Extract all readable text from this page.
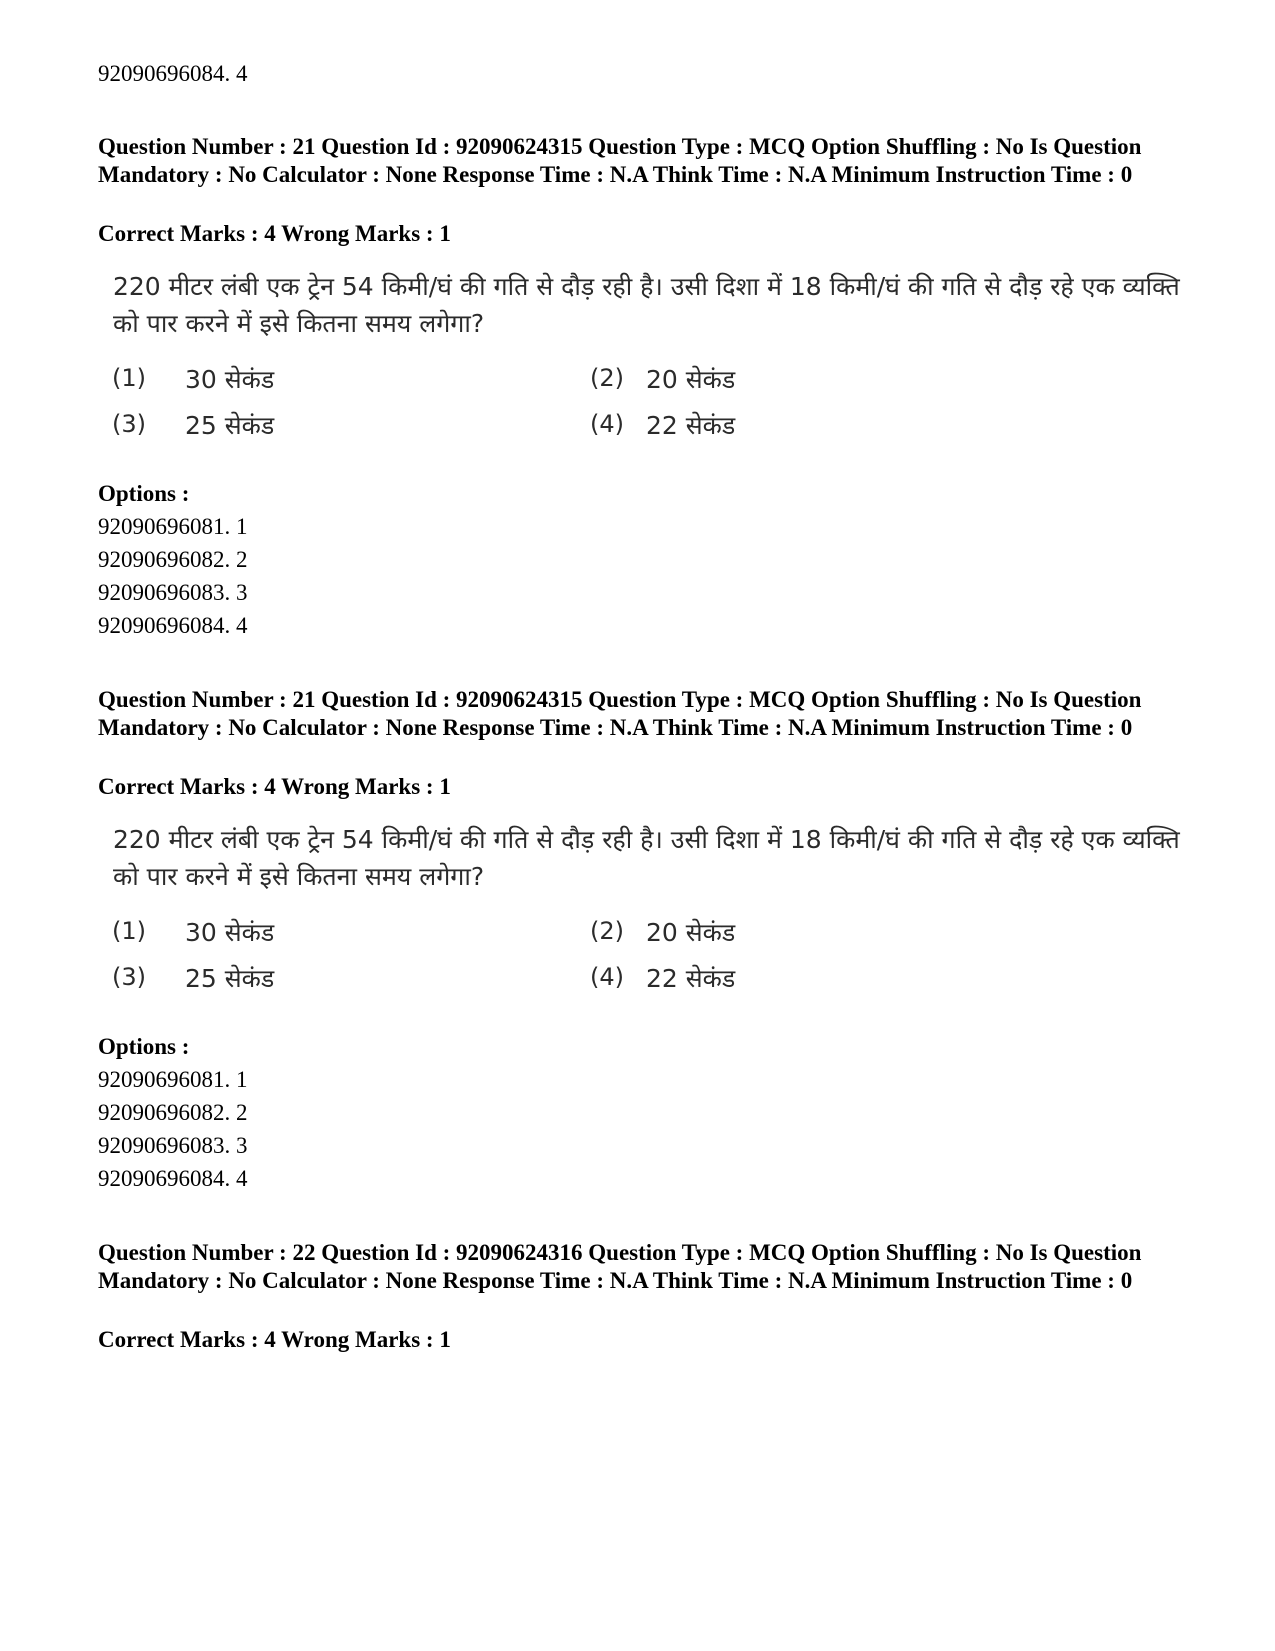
92090696084. 4
Question Number : 21 Question Id : 92090624315 Question Type : MCQ Option Shuffling : No Is Question Mandatory : No Calculator : None Response Time : N.A Think Time : N.A Minimum Instruction Time : 0
Correct Marks : 4 Wrong Marks : 1
220 मीटर लंबी एक ट्रेन 54 किमी/घं की गति से दौड़ रही है। उसी दिशा में 18 किमी/घं की गति से दौड़ रहे एक व्यक्ति को पार करने में इसे कितना समय लगेगा?
(1) 30 सेकंड	(2) 20 सेकंड
(3) 25 सेकंड	(4) 22 सेकंड
Options :
92090696081. 1
92090696082. 2
92090696083. 3
92090696084. 4
Question Number : 21 Question Id : 92090624315 Question Type : MCQ Option Shuffling : No Is Question Mandatory : No Calculator : None Response Time : N.A Think Time : N.A Minimum Instruction Time : 0
Correct Marks : 4 Wrong Marks : 1
220 मीटर लंबी एक ट्रेन 54 किमी/घं की गति से दौड़ रही है। उसी दिशा में 18 किमी/घं की गति से दौड़ रहे एक व्यक्ति को पार करने में इसे कितना समय लगेगा?
(1) 30 सेकंड	(2) 20 सेकंड
(3) 25 सेकंड	(4) 22 सेकंड
Options :
92090696081. 1
92090696082. 2
92090696083. 3
92090696084. 4
Question Number : 22 Question Id : 92090624316 Question Type : MCQ Option Shuffling : No Is Question Mandatory : No Calculator : None Response Time : N.A Think Time : N.A Minimum Instruction Time : 0
Correct Marks : 4 Wrong Marks : 1
